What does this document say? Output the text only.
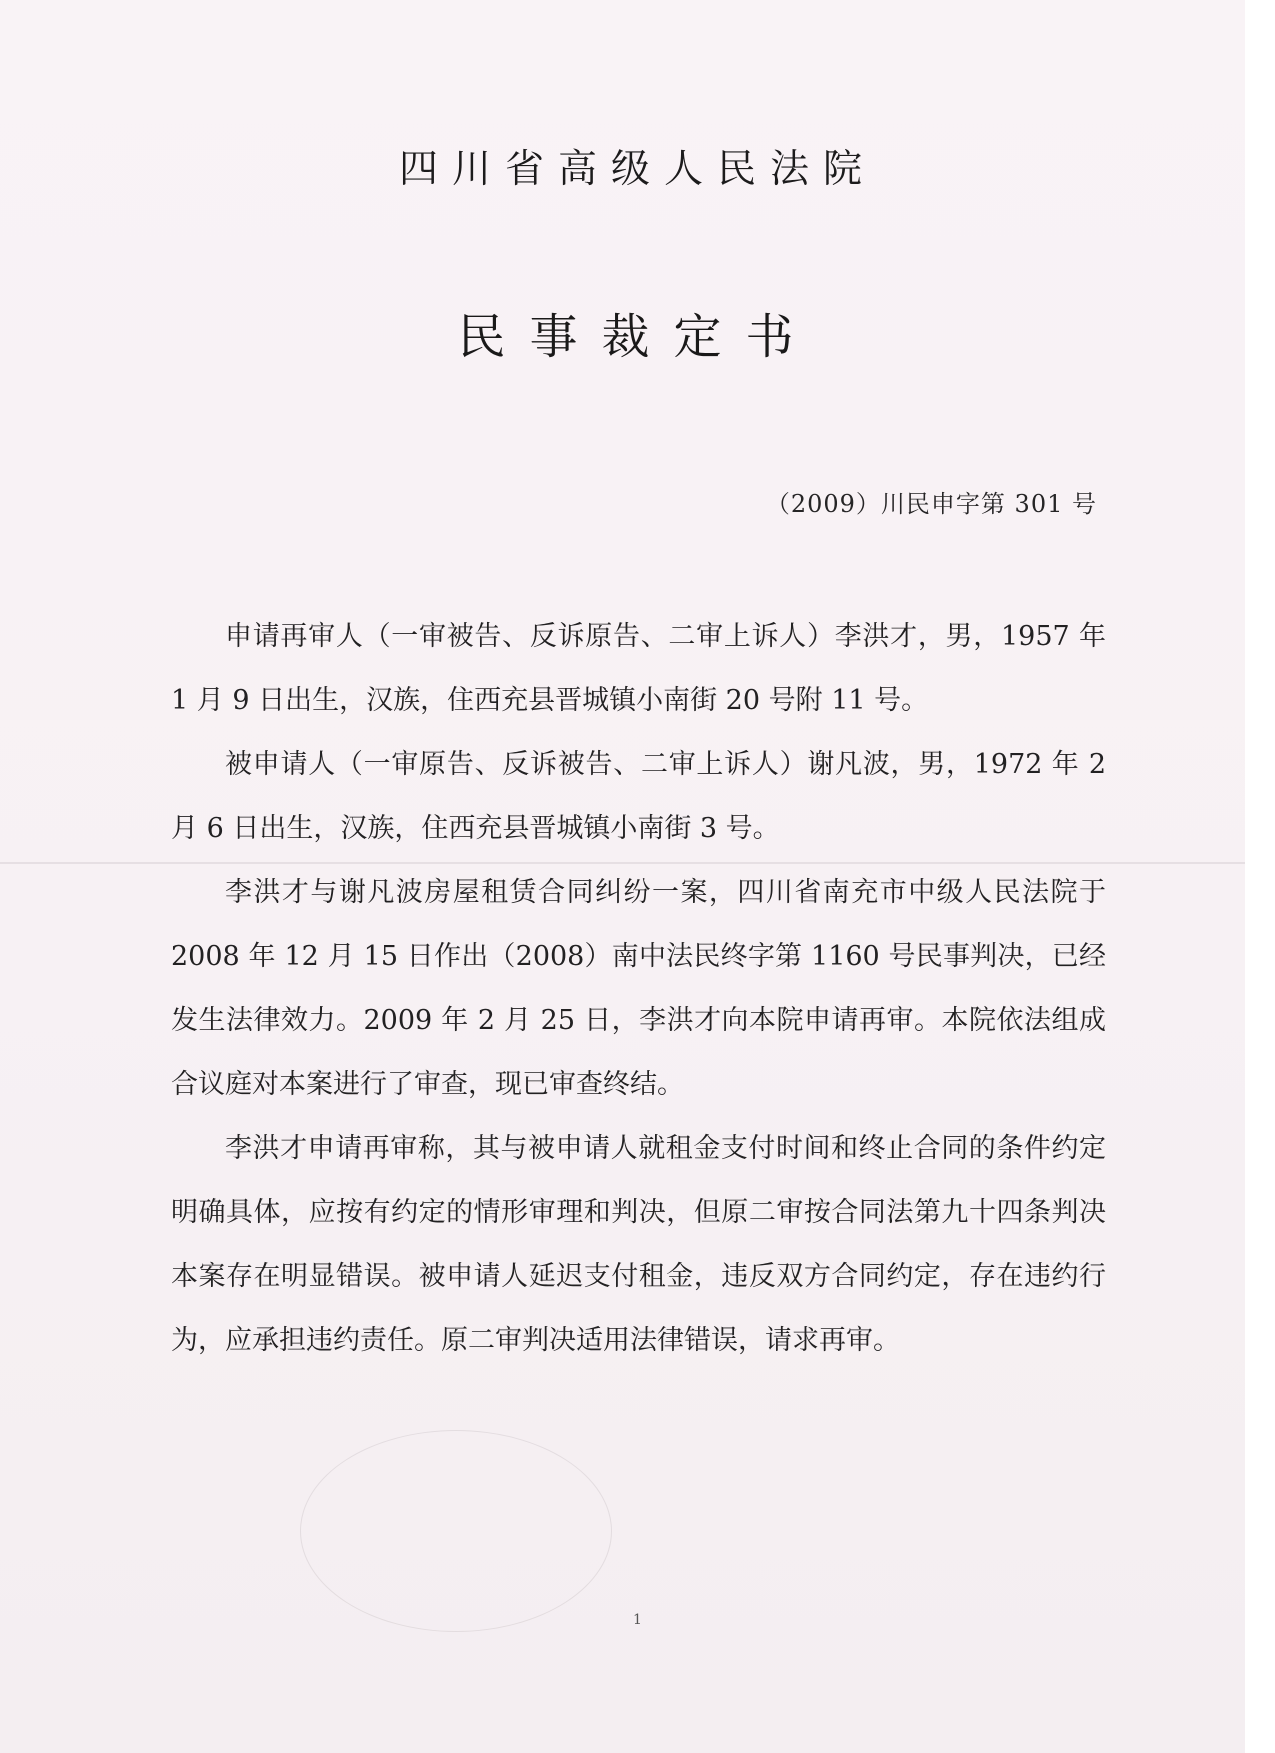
四川省高级人民法院
民事裁定书
（2009）川民申字第 301 号

申请再审人（一审被告、反诉原告、二审上诉人）李洪才，男，1957 年 1 月 9 日出生，汉族，住西充县晋城镇小南街 20 号附 11 号。

被申请人（一审原告、反诉被告、二审上诉人）谢凡波，男，1972 年 2 月 6 日出生，汉族，住西充县晋城镇小南街 3 号。

李洪才与谢凡波房屋租赁合同纠纷一案，四川省南充市中级人民法院于 2008 年 12 月 15 日作出（2008）南中法民终字第 1160 号民事判决，已经发生法律效力。2009 年 2 月 25 日，李洪才向本院申请再审。本院依法组成合议庭对本案进行了审查，现已审查终结。

李洪才申请再审称，其与被申请人就租金支付时间和终止合同的条件约定明确具体，应按有约定的情形审理和判决，但原二审按合同法第九十四条判决本案存在明显错误。被申请人延迟支付租金，违反双方合同约定，存在违约行为，应承担违约责任。原二审判决适用法律错误，请求再审。

1
